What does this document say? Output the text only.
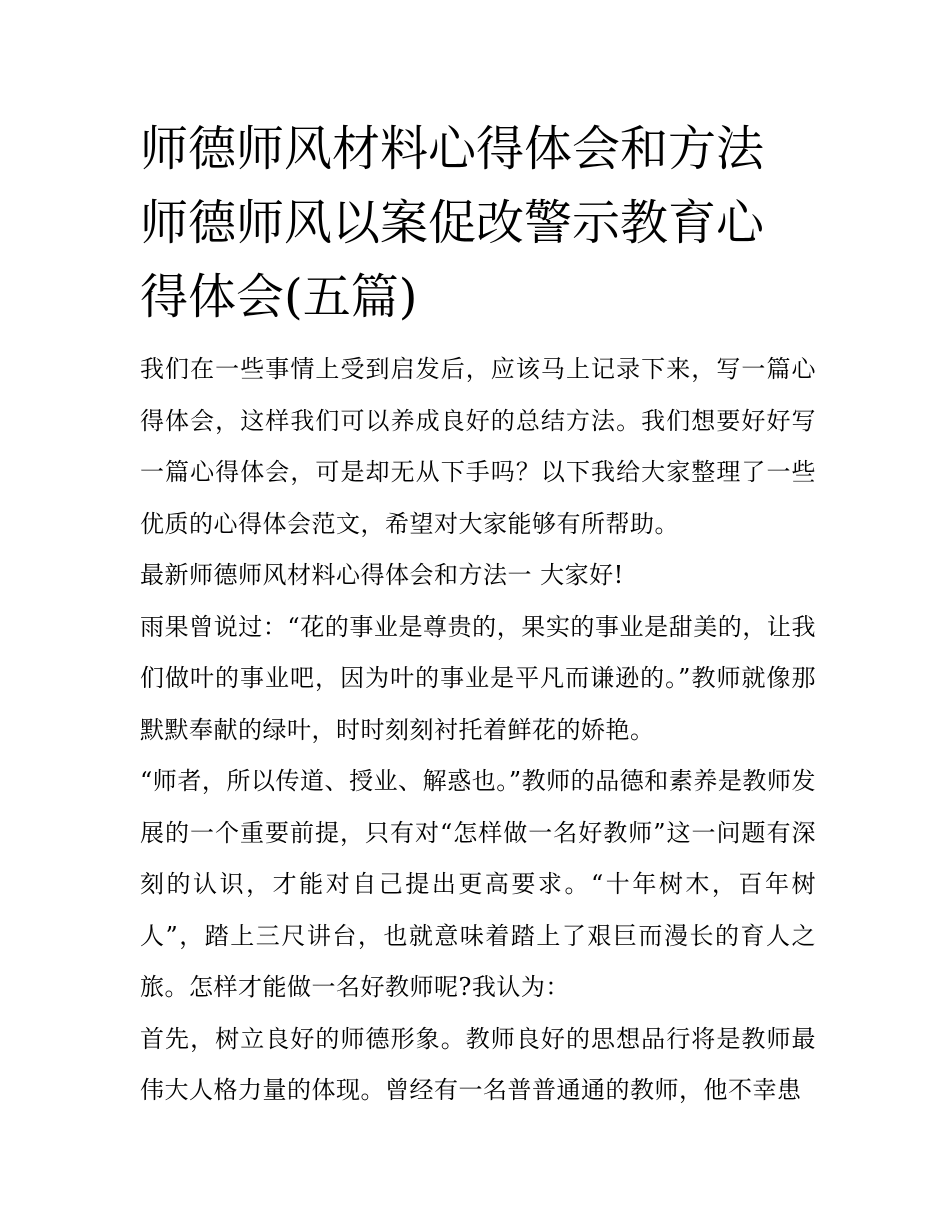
师德师风材料心得体会和方法师德师风以案促改警示教育心得体会(五篇)

我们在一些事情上受到启发后，应该马上记录下来，写一篇心得体会，这样我们可以养成良好的总结方法。我们想要好好写一篇心得体会，可是却无从下手吗？以下我给大家整理了一些优质的心得体会范文，希望对大家能够有所帮助。

最新师德师风材料心得体会和方法一 大家好!

雨果曾说过：“花的事业是尊贵的，果实的事业是甜美的，让我们做叶的事业吧，因为叶的事业是平凡而谦逊的。”教师就像那默默奉献的绿叶，时时刻刻衬托着鲜花的娇艳。

“师者，所以传道、授业、解惑也。”教师的品德和素养是教师发展的一个重要前提，只有对“怎样做一名好教师”这一问题有深刻的认识，才能对自己提出更高要求。“十年树木，百年树人”，踏上三尺讲台，也就意味着踏上了艰巨而漫长的育人之旅。怎样才能做一名好教师呢?我认为：

首先，树立良好的师德形象。教师良好的思想品行将是教师最伟大人格力量的体现。曾经有一名普普通通的教师，他不幸患
